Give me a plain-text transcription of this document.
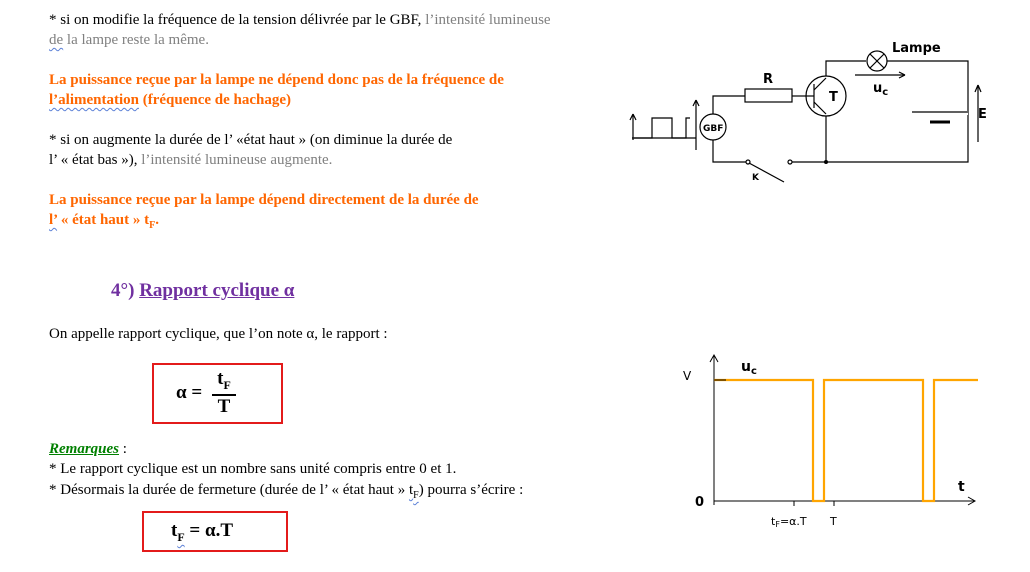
* si on modifie la fréquence de la tension délivrée par le GBF, l’intensité lumineuse
de la lampe reste la même.
La puissance reçue par la lampe ne dépend donc pas de la fréquence de
l’alimentation (fréquence de hachage)
* si on augmente la durée de l’ «état haut » (on diminue la durée de
l’ « état bas »), l’intensité lumineuse augmente.
La puissance reçue par la lampe dépend directement de la durée de
l’ « état haut » $t_F$.
4°) Rapport cyclique α
On appelle rapport cyclique, que l’on note α, le rapport :
α =
$t_F$
T
Remarques :
* Le rapport cyclique est un nombre sans unité compris entre 0 et 1.
* Désormais la durée de fermeture (durée de l’ « état haut » $t_F$) pourra s’écrire :
$t_F = \alpha.T$
Lampe
R
T
$u_c$
GBF
K
E
$u_c$
V
0
t
tF=α.T T
